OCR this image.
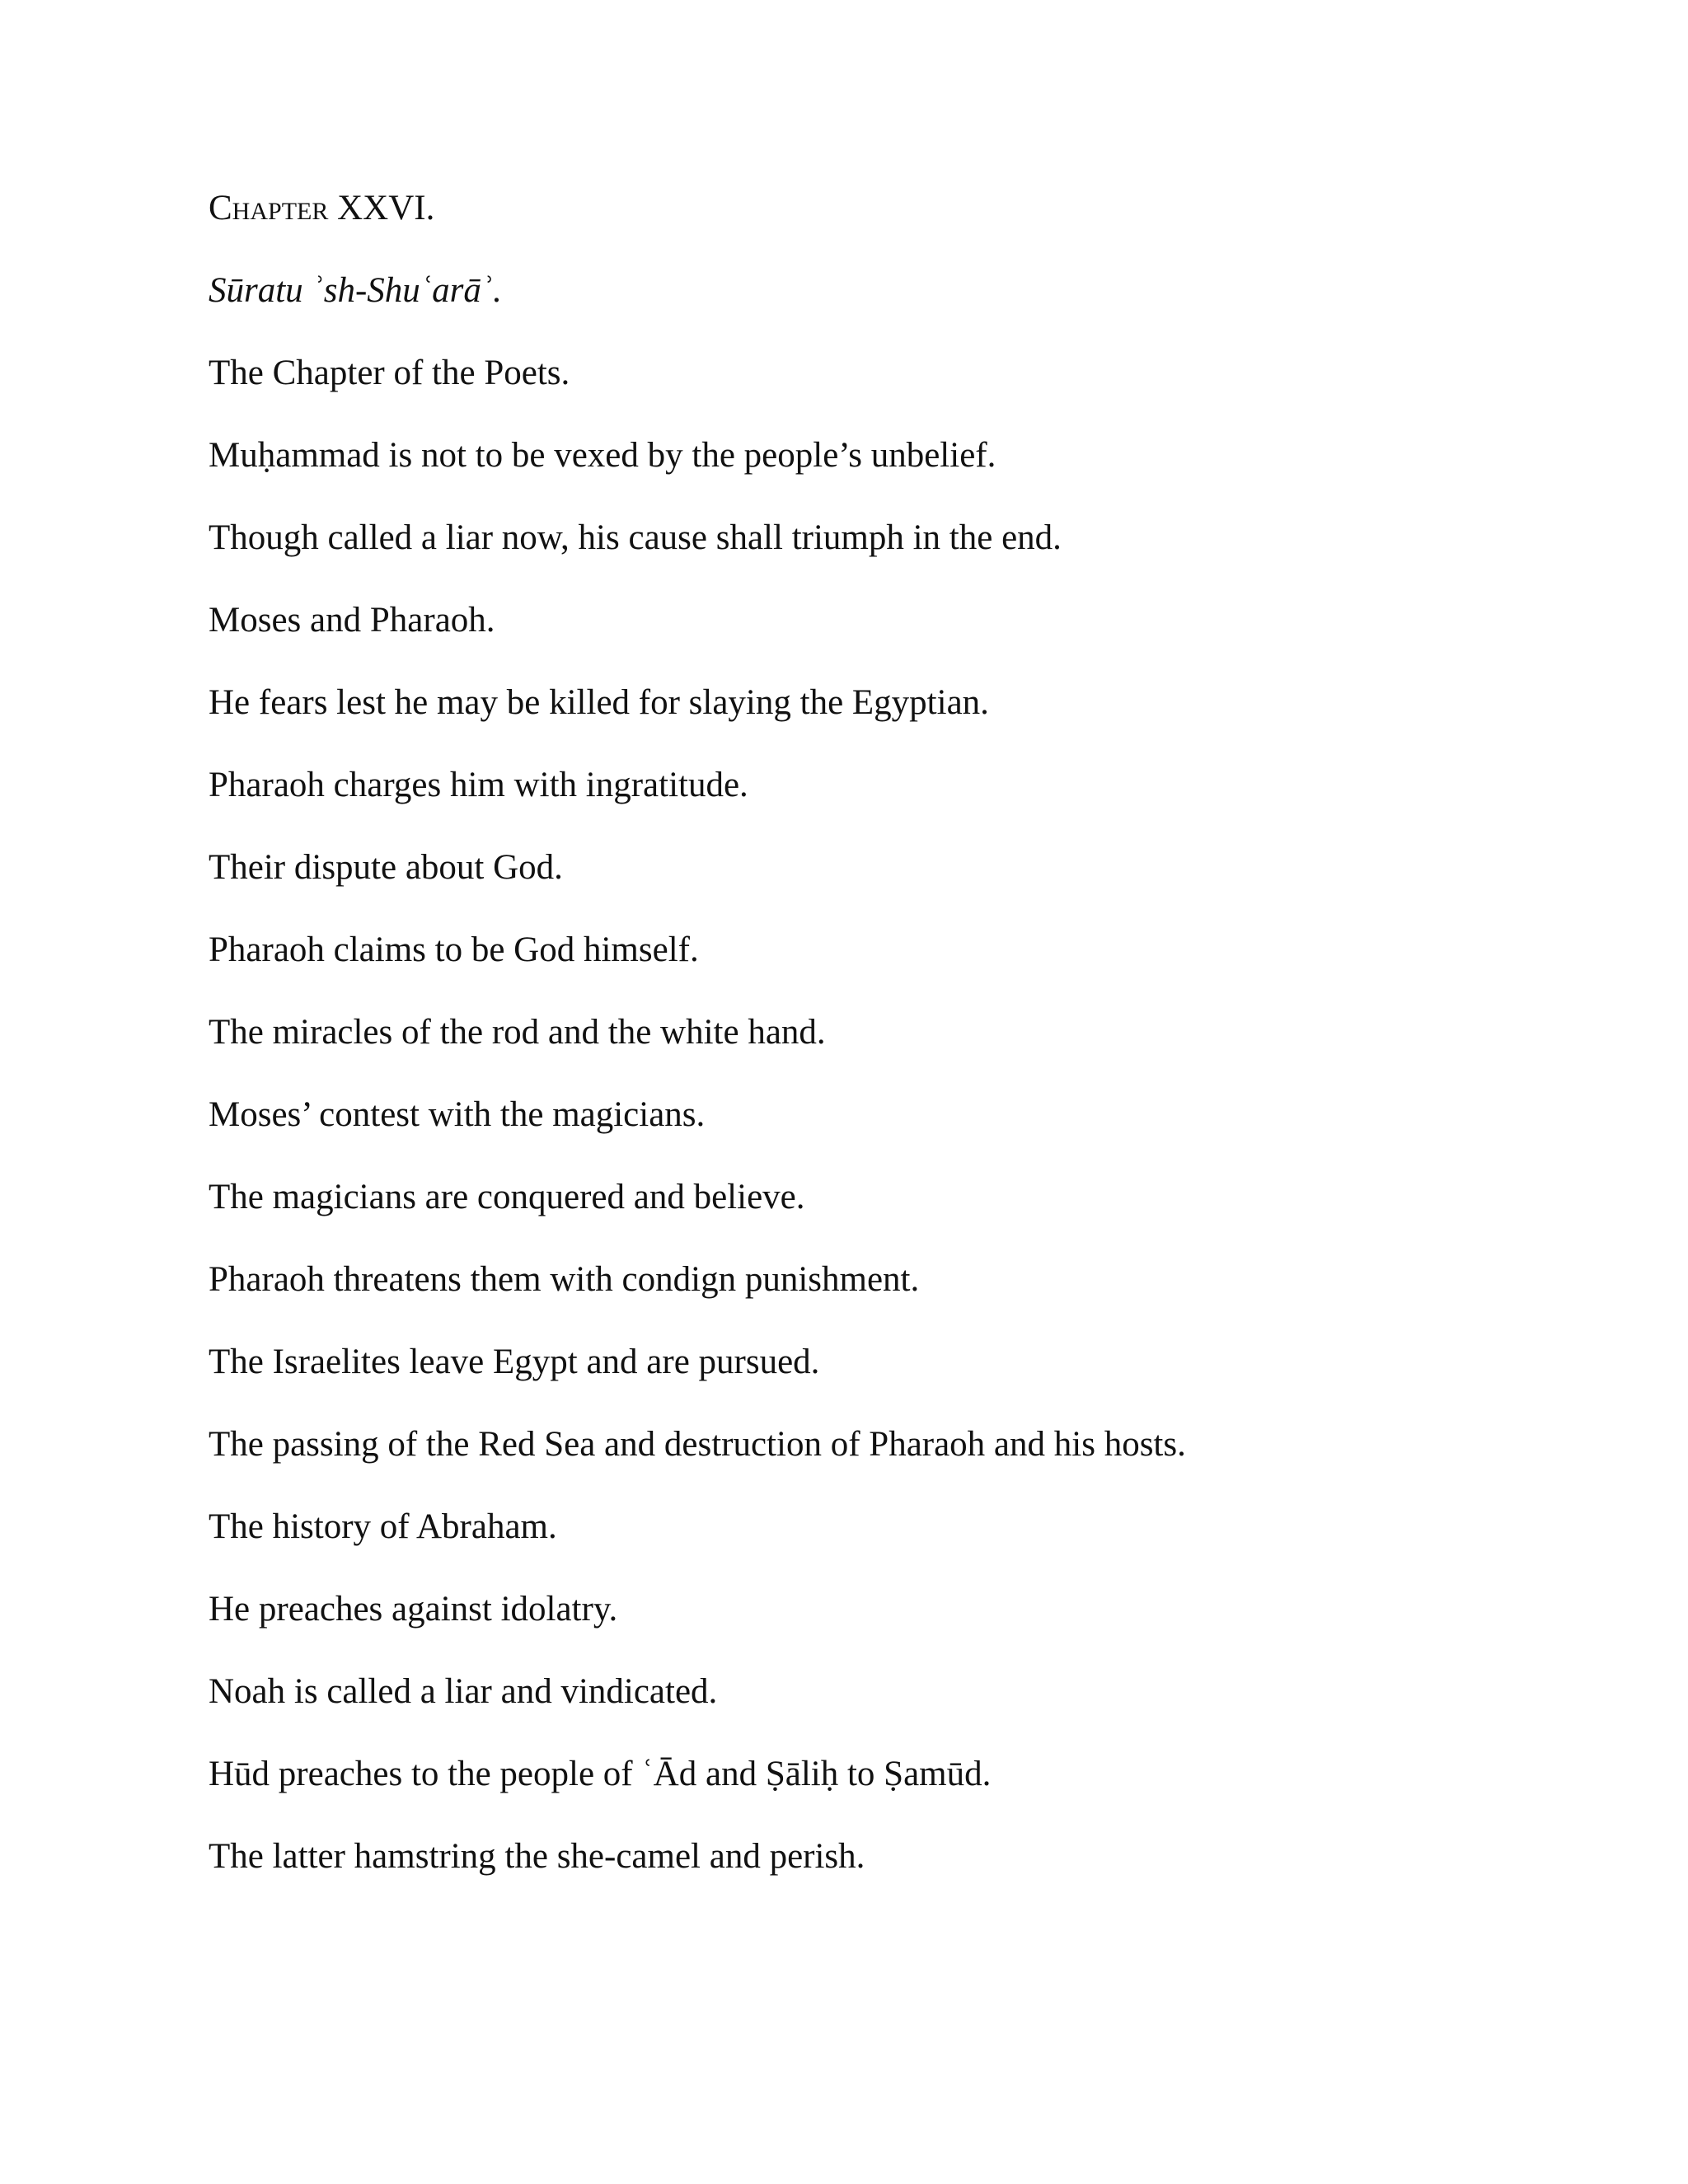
Chapter XXVI.
Sūratu ʾsh-Shuʿarāʾ.
The Chapter of the Poets.
Muḥammad is not to be vexed by the people’s unbelief.
Though called a liar now, his cause shall triumph in the end.
Moses and Pharaoh.
He fears lest he may be killed for slaying the Egyptian.
Pharaoh charges him with ingratitude.
Their dispute about God.
Pharaoh claims to be God himself.
The miracles of the rod and the white hand.
Moses’ contest with the magicians.
The magicians are conquered and believe.
Pharaoh threatens them with condign punishment.
The Israelites leave Egypt and are pursued.
The passing of the Red Sea and destruction of Pharaoh and his hosts.
The history of Abraham.
He preaches against idolatry.
Noah is called a liar and vindicated.
Hūd preaches to the people of ʿĀd and Ṣāliḥ to Ṣamūd.
The latter hamstring the she-camel and perish.
